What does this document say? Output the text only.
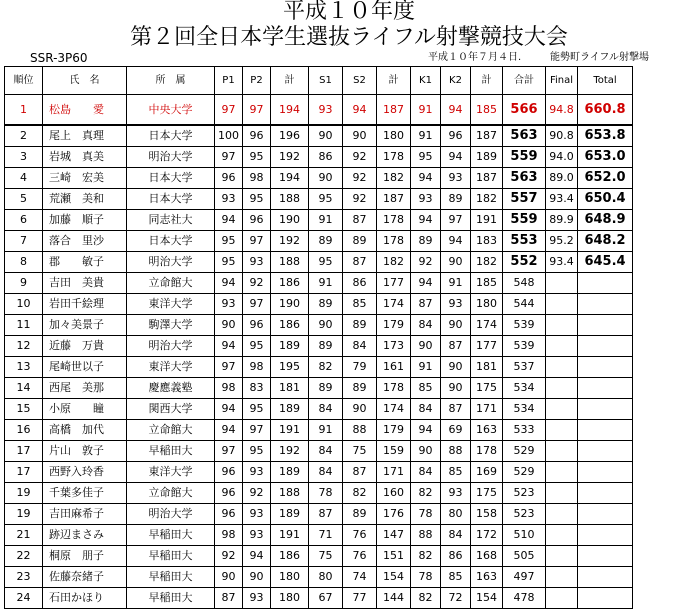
平成１０年度
第２回全日本学生選抜ライフル射撃競技大会
SSR-3P60	平成１０年７月４日.	能勢町ライフル射撃場
順位	氏　名	所　属	P1	P2	計	S1	S2	計	K1	K2	計	合計	Final	Total
1	松島　　愛	中央大学	97	97	194	93	94	187	91	94	185	566	94.8	660.8
2	尾上　真理	日本大学	100	96	196	90	90	180	91	96	187	563	90.8	653.8
3	岩城　真美	明治大学	97	95	192	86	92	178	95	94	189	559	94.0	653.0
4	三崎　宏美	日本大学	96	98	194	90	92	182	94	93	187	563	89.0	652.0
5	荒瀬　美和	日本大学	93	95	188	95	92	187	93	89	182	557	93.4	650.4
6	加藤　順子	同志社大	94	96	190	91	87	178	94	97	191	559	89.9	648.9
7	落合　里沙	日本大学	95	97	192	89	89	178	89	94	183	553	95.2	648.2
8	郡　　敏子	明治大学	95	93	188	95	87	182	92	90	182	552	93.4	645.4
9	吉田　美貴	立命館大	94	92	186	91	86	177	94	91	185	548		
10	岩田千絵理	東洋大学	93	97	190	89	85	174	87	93	180	544		
11	加々美景子	駒澤大学	90	96	186	90	89	179	84	90	174	539		
12	近藤　万貴	明治大学	94	95	189	89	84	173	90	87	177	539		
13	尾崎世以子	東洋大学	97	98	195	82	79	161	91	90	181	537		
14	西尾　美那	慶應義塾	98	83	181	89	89	178	85	90	175	534		
15	小原　　瞳	関西大学	94	95	189	84	90	174	84	87	171	534		
16	高橋　加代	立命館大	94	97	191	91	88	179	94	69	163	533		
17	片山　敦子	早稲田大	97	95	192	84	75	159	90	88	178	529		
17	西野入玲香	東洋大学	96	93	189	84	87	171	84	85	169	529		
19	千葉多佳子	立命館大	96	92	188	78	82	160	82	93	175	523		
19	吉田麻希子	明治大学	96	93	189	87	89	176	78	80	158	523		
21	跡辺まさみ	早稲田大	98	93	191	71	76	147	88	84	172	510		
22	桐原　朋子	早稲田大	92	94	186	75	76	151	82	86	168	505		
23	佐藤奈緒子	早稲田大	90	90	180	80	74	154	78	85	163	497		
24	石田かほり	早稲田大	87	93	180	67	77	144	82	72	154	478		
